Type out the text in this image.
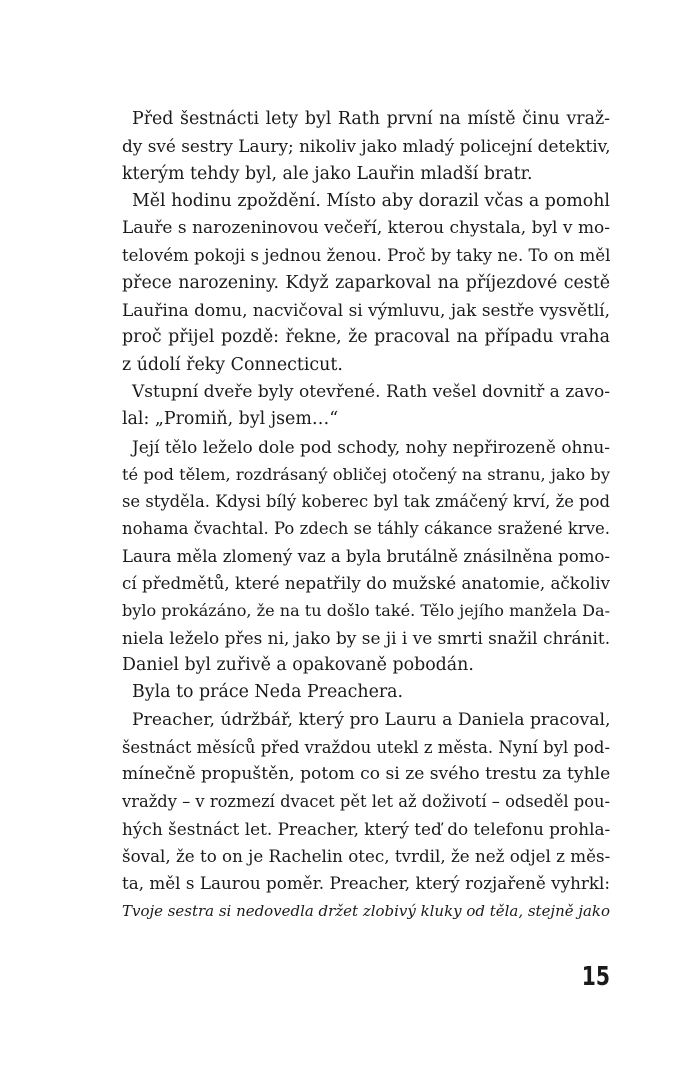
Před šestnácti lety byl Rath první na místě činu vraž-
dy své sestry Laury; nikoliv jako mladý policejní detektiv,
kterým tehdy byl, ale jako Lauřin mladší bratr.
Měl hodinu zpoždění. Místo aby dorazil včas a pomohl
Lauře s narozeninovou večeří, kterou chystala, byl v mo-
telovém pokoji s jednou ženou. Proč by taky ne. To on měl
přece narozeniny. Když zaparkoval na příjezdové cestě
Lauřina domu, nacvičoval si výmluvu, jak sestře vysvětlí,
proč přijel pozdě: řekne, že pracoval na případu vraha
z údolí řeky Connecticut.
Vstupní dveře byly otevřené. Rath vešel dovnitř a zavo-
lal: „Promiň, byl jsem…“
Její tělo leželo dole pod schody, nohy nepřirozeně ohnu-
té pod tělem, rozdrásaný obličej otočený na stranu, jako by
se styděla. Kdysi bílý koberec byl tak zmáčený krví, že pod
nohama čvachtal. Po zdech se táhly cákance sražené krve.
Laura měla zlomený vaz a byla brutálně znásilněna pomo-
cí předmětů, které nepatřily do mužské anatomie, ačkoliv
bylo prokázáno, že na tu došlo také. Tělo jejího manžela Da-
niela leželo přes ni, jako by se ji i ve smrti snažil chránit.
Daniel byl zuřivě a opakovaně pobodán.
Byla to práce Neda Preachera.
Preacher, údržbář, který pro Lauru a Daniela pracoval,
šestnáct měsíců před vraždou utekl z města. Nyní byl pod-
mínečně propuštěn, potom co si ze svého trestu za tyhle
vraždy – v rozmezí dvacet pět let až doživotí – odseděl pou-
hých šestnáct let. Preacher, který teď do telefonu prohla-
šoval, že to on je Rachelin otec, tvrdil, že než odjel z měs-
ta, měl s Laurou poměr. Preacher, který rozjařeně vyhrkl:
Tvoje sestra si nedovedla držet zlobivý kluky od těla, stejně jako
15
